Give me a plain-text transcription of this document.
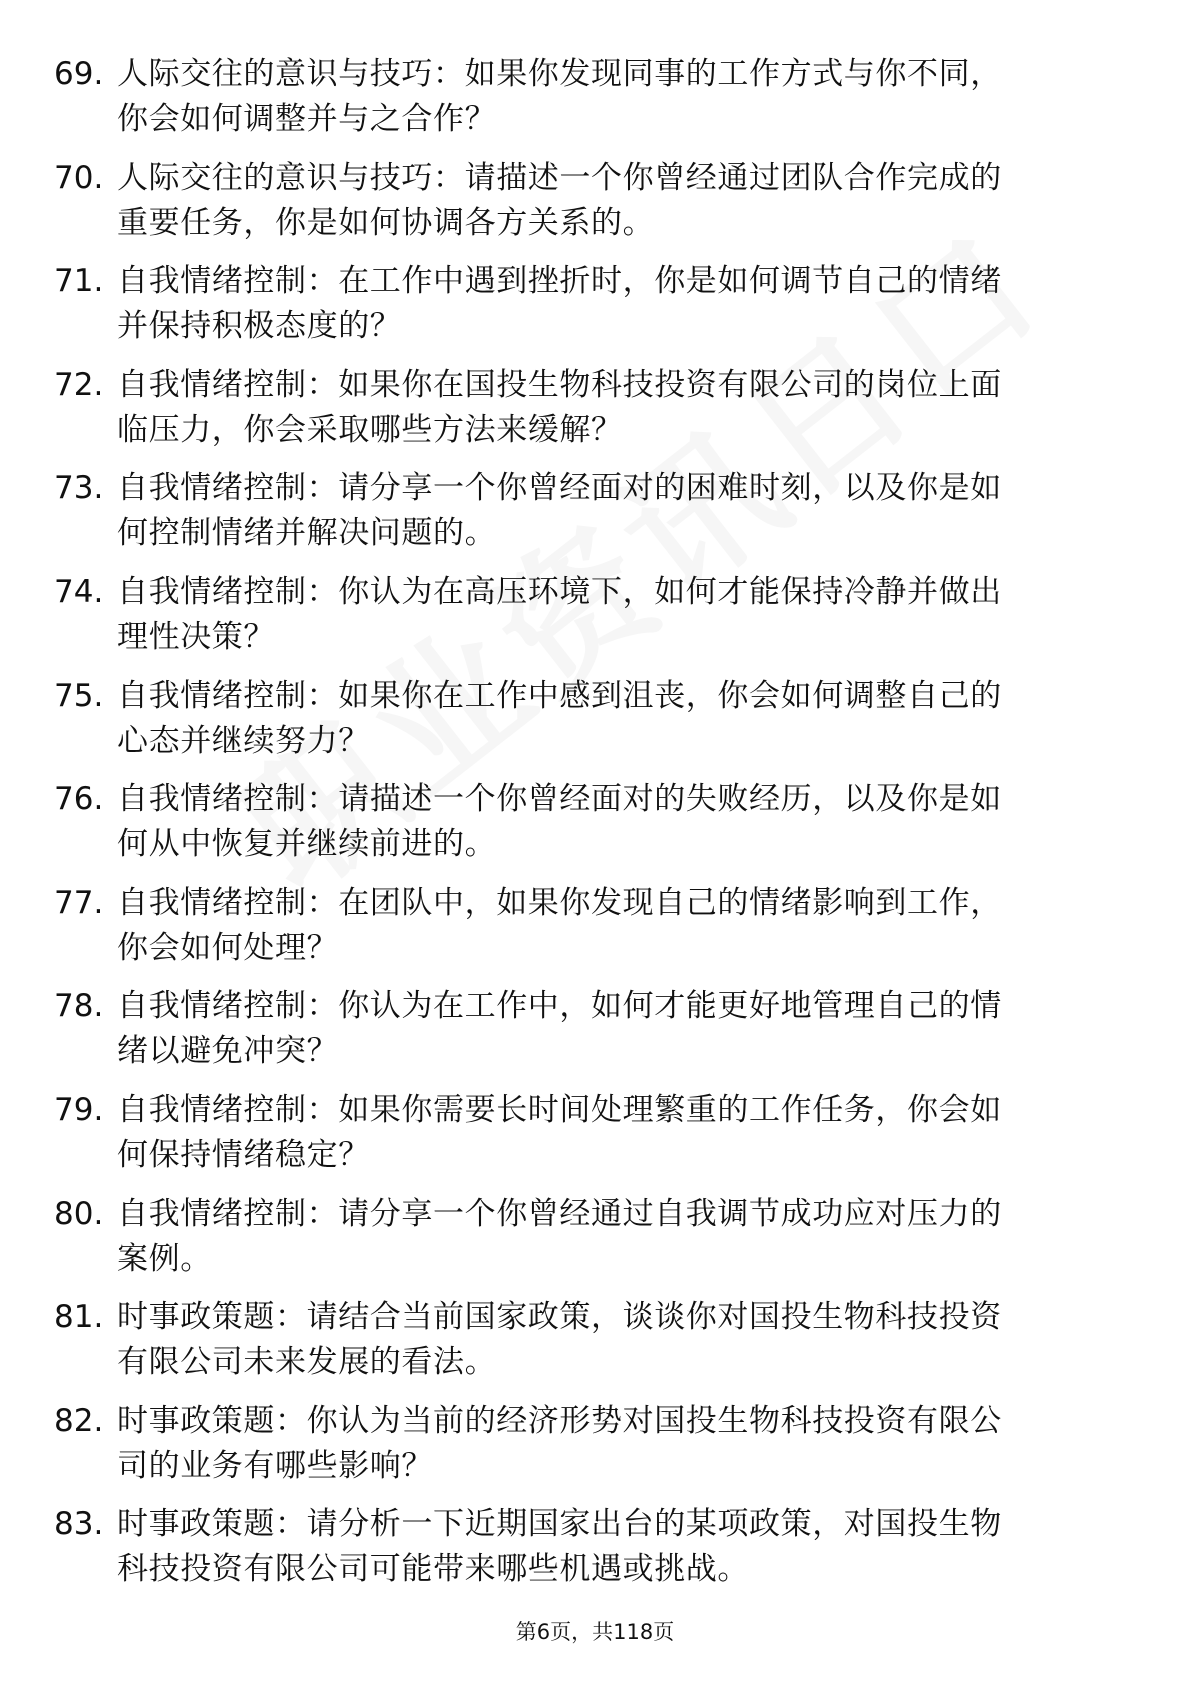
69. 人际交往的意识与技巧：如果你发现同事的工作方式与你不同，你会如何调整并与之合作？
70. 人际交往的意识与技巧：请描述一个你曾经通过团队合作完成的重要任务，你是如何协调各方关系的。
71. 自我情绪控制：在工作中遇到挫折时，你是如何调节自己的情绪并保持积极态度的？
72. 自我情绪控制：如果你在国投生物科技投资有限公司的岗位上面临压力，你会采取哪些方法来缓解？
73. 自我情绪控制：请分享一个你曾经面对的困难时刻，以及你是如何控制情绪并解决问题的。
74. 自我情绪控制：你认为在高压环境下，如何才能保持冷静并做出理性决策？
75. 自我情绪控制：如果你在工作中感到沮丧，你会如何调整自己的心态并继续努力？
76. 自我情绪控制：请描述一个你曾经面对的失败经历，以及你是如何从中恢复并继续前进的。
77. 自我情绪控制：在团队中，如果你发现自己的情绪影响到工作，你会如何处理？
78. 自我情绪控制：你认为在工作中，如何才能更好地管理自己的情绪以避免冲突？
79. 自我情绪控制：如果你需要长时间处理繁重的工作任务，你会如何保持情绪稳定？
80. 自我情绪控制：请分享一个你曾经通过自我调节成功应对压力的案例。
81. 时事政策题：请结合当前国家政策，谈谈你对国投生物科技投资有限公司未来发展的看法。
82. 时事政策题：你认为当前的经济形势对国投生物科技投资有限公司的业务有哪些影响？
83. 时事政策题：请分析一下近期国家出台的某项政策，对国投生物科技投资有限公司可能带来哪些机遇或挑战。
第6页，共118页
